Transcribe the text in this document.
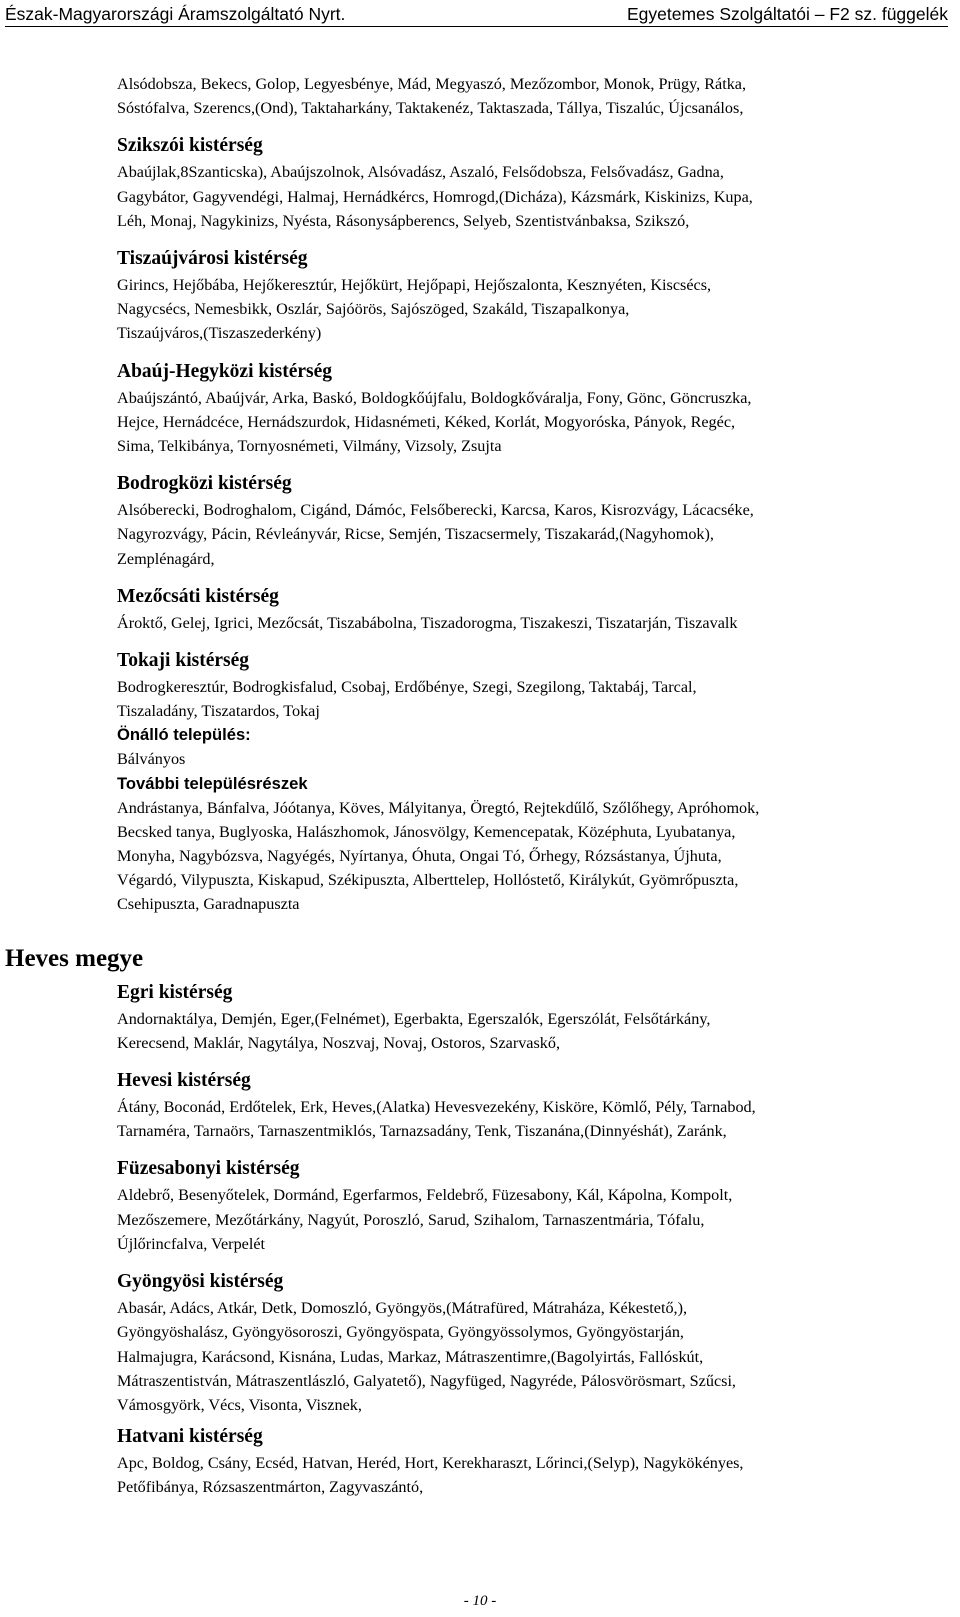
Észak-Magyarországi Áramszolgáltató Nyrt.	Egyetemes Szolgáltatói – F2 sz. függelék
Heves megye

Alsódobsza, Bekecs, Golop, Legyesbénye, Mád, Megyaszó, Mezőzombor, Monok, Prügy, Rátka,

Sóstófalva, Szerencs,(Ond), Taktaharkány, Taktakenéz, Taktaszada, Tállya, Tiszalúc, Újcsanálos,

Szikszói kistérség

Abaújlak,8Szanticska), Abaújszolnok, Alsóvadász, Aszaló, Felsődobsza, Felsővadász, Gadna,

Gagybátor, Gagyvendégi, Halmaj, Hernádkércs, Homrogd,(Dicháza), Kázsmárk, Kiskinizs, Kupa,

Léh, Monaj, Nagykinizs, Nyésta, Rásonysápberencs, Selyeb, Szentistvánbaksa, Szikszó,

Tiszaújvárosi kistérség

Girincs, Hejőbába, Hejőkeresztúr, Hejőkürt, Hejőpapi, Hejőszalonta, Kesznyéten, Kiscsécs,

Nagycsécs, Nemesbikk, Oszlár, Sajóörös, Sajószöged, Szakáld, Tiszapalkonya,

Tiszaújváros,(Tiszaszederkény)

Abaúj-Hegyközi kistérség

Abaújszántó, Abaújvár, Arka, Baskó, Boldogkőújfalu, Boldogkőváralja, Fony, Gönc, Göncruszka,

Hejce, Hernádcéce, Hernádszurdok, Hidasnémeti, Kéked, Korlát, Mogyoróska, Pányok, Regéc,

Sima, Telkibánya, Tornyosnémeti, Vilmány, Vizsoly, Zsujta

Bodrogközi kistérség

Alsóberecki, Bodroghalom, Cigánd, Dámóc, Felsőberecki, Karcsa, Karos, Kisrozvágy, Lácacséke,

Nagyrozvágy, Pácin, Révleányvár, Ricse, Semjén, Tiszacsermely, Tiszakarád,(Nagyhomok),

Zemplénagárd,

Mezőcsáti kistérség

Ároktő, Gelej, Igrici, Mezőcsát, Tiszabábolna, Tiszadorogma, Tiszakeszi, Tiszatarján, Tiszavalk

Tokaji kistérség

Bodrogkeresztúr, Bodrogkisfalud, Csobaj, Erdőbénye, Szegi, Szegilong, Taktabáj, Tarcal,

Tiszaladány, Tiszatardos, Tokaj

Önálló település:

Bálványos

További településrészek

Andrástanya, Bánfalva, Jóótanya, Köves, Mályitanya, Öregtó, Rejtekdűlő, Szőlőhegy, Apróhomok,

Becsked tanya, Buglyoska, Halászhomok, Jánosvölgy, Kemencepatak, Középhuta, Lyubatanya,

Monyha, Nagybózsva, Nagyégés, Nyírtanya, Óhuta, Ongai Tó, Őrhegy, Rózsástanya, Újhuta,

Végardó, Vilypuszta, Kiskapud, Székipuszta, Alberttelep, Hollóstető, Királykút, Gyömrőpuszta,

Csehipuszta, Garadnapuszta

Egri kistérség

Andornaktálya, Demjén, Eger,(Felnémet), Egerbakta, Egerszalók, Egerszólát, Felsőtárkány,

Kerecsend, Maklár, Nagytálya, Noszvaj, Novaj, Ostoros, Szarvaskő,

Hevesi kistérség

Átány, Boconád, Erdőtelek, Erk, Heves,(Alatka) Hevesvezekény, Kisköre, Kömlő, Pély, Tarnabod,

Tarnaméra, Tarnaörs, Tarnaszentmiklós, Tarnazsadány, Tenk, Tiszanána,(Dinnyéshát), Zaránk,

Füzesabonyi kistérség

Aldebrő, Besenyőtelek, Dormánd, Egerfarmos, Feldebrő, Füzesabony, Kál, Kápolna, Kompolt,

Mezőszemere, Mezőtárkány, Nagyút, Poroszló, Sarud, Szihalom, Tarnaszentmária, Tófalu,

Újlőrincfalva, Verpelét

Gyöngyösi kistérség

Abasár, Adács, Atkár, Detk, Domoszló, Gyöngyös,(Mátrafüred, Mátraháza, Kékestető,),

Gyöngyöshalász, Gyöngyösoroszi, Gyöngyöspata, Gyöngyössolymos, Gyöngyöstarján,

Halmajugra, Karácsond, Kisnána, Ludas, Markaz, Mátraszentimre,(Bagolyirtás, Fallóskút,

Mátraszentistván, Mátraszentlászló, Galyatető), Nagyfüged, Nagyréde, Pálosvörösmart, Szűcsi,

Vámosgyörk, Vécs, Visonta, Visznek,

Hatvani kistérség

Apc, Boldog, Csány, Ecséd, Hatvan, Heréd, Hort, Kerekharaszt, Lőrinci,(Selyp), Nagykökényes,

Petőfibánya, Rózsaszentmárton, Zagyvaszántó,

- 10 -
